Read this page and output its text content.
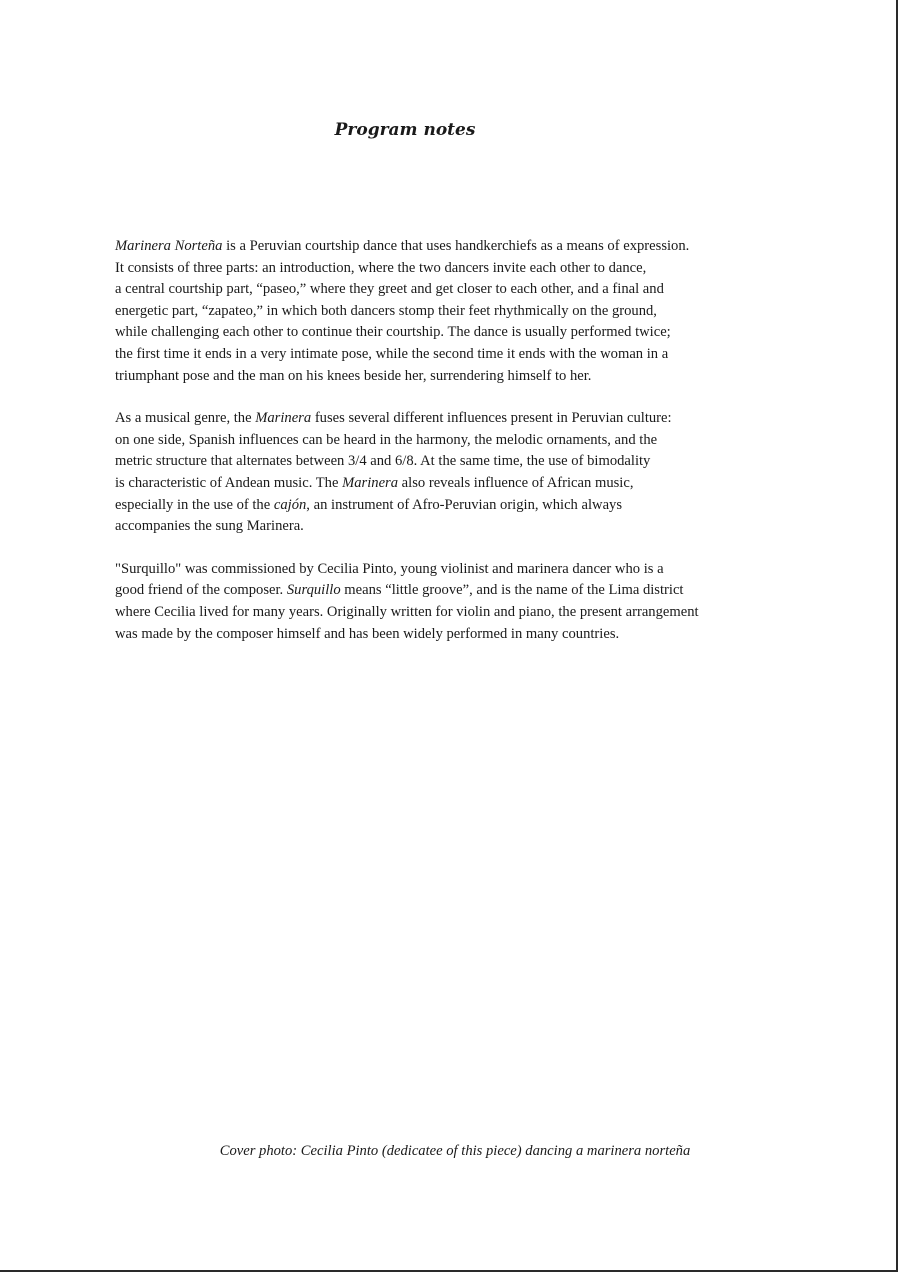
Program notes

Marinera Norteña is a Peruvian courtship dance that uses handkerchiefs as a means of expression.
It consists of three parts: an introduction, where the two dancers invite each other to dance,
a central courtship part, “paseo,” where they greet and get closer to each other, and a final and
energetic part, “zapateo,” in which both dancers stomp their feet rhythmically on the ground,
while challenging each other to continue their courtship. The dance is usually performed twice;
the first time it ends in a very intimate pose, while the second time it ends with the woman in a
triumphant pose and the man on his knees beside her, surrendering himself to her.

As a musical genre, the Marinera fuses several different influences present in Peruvian culture:
on one side, Spanish influences can be heard in the harmony, the melodic ornaments, and the
metric structure that alternates between 3/4 and 6/8. At the same time, the use of bimodality
is characteristic of Andean music. The Marinera also reveals influence of African music,
especially in the use of the cajón, an instrument of Afro-Peruvian origin, which always
accompanies the sung Marinera.

"Surquillo" was commissioned by Cecilia Pinto, young violinist and marinera dancer who is a
good friend of the composer. Surquillo means “little groove”, and is the name of the Lima district
where Cecilia lived for many years. Originally written for violin and piano, the present arrangement
was made by the composer himself and has been widely performed in many countries.

Cover photo: Cecilia Pinto (dedicatee of this piece) dancing a marinera norteña
